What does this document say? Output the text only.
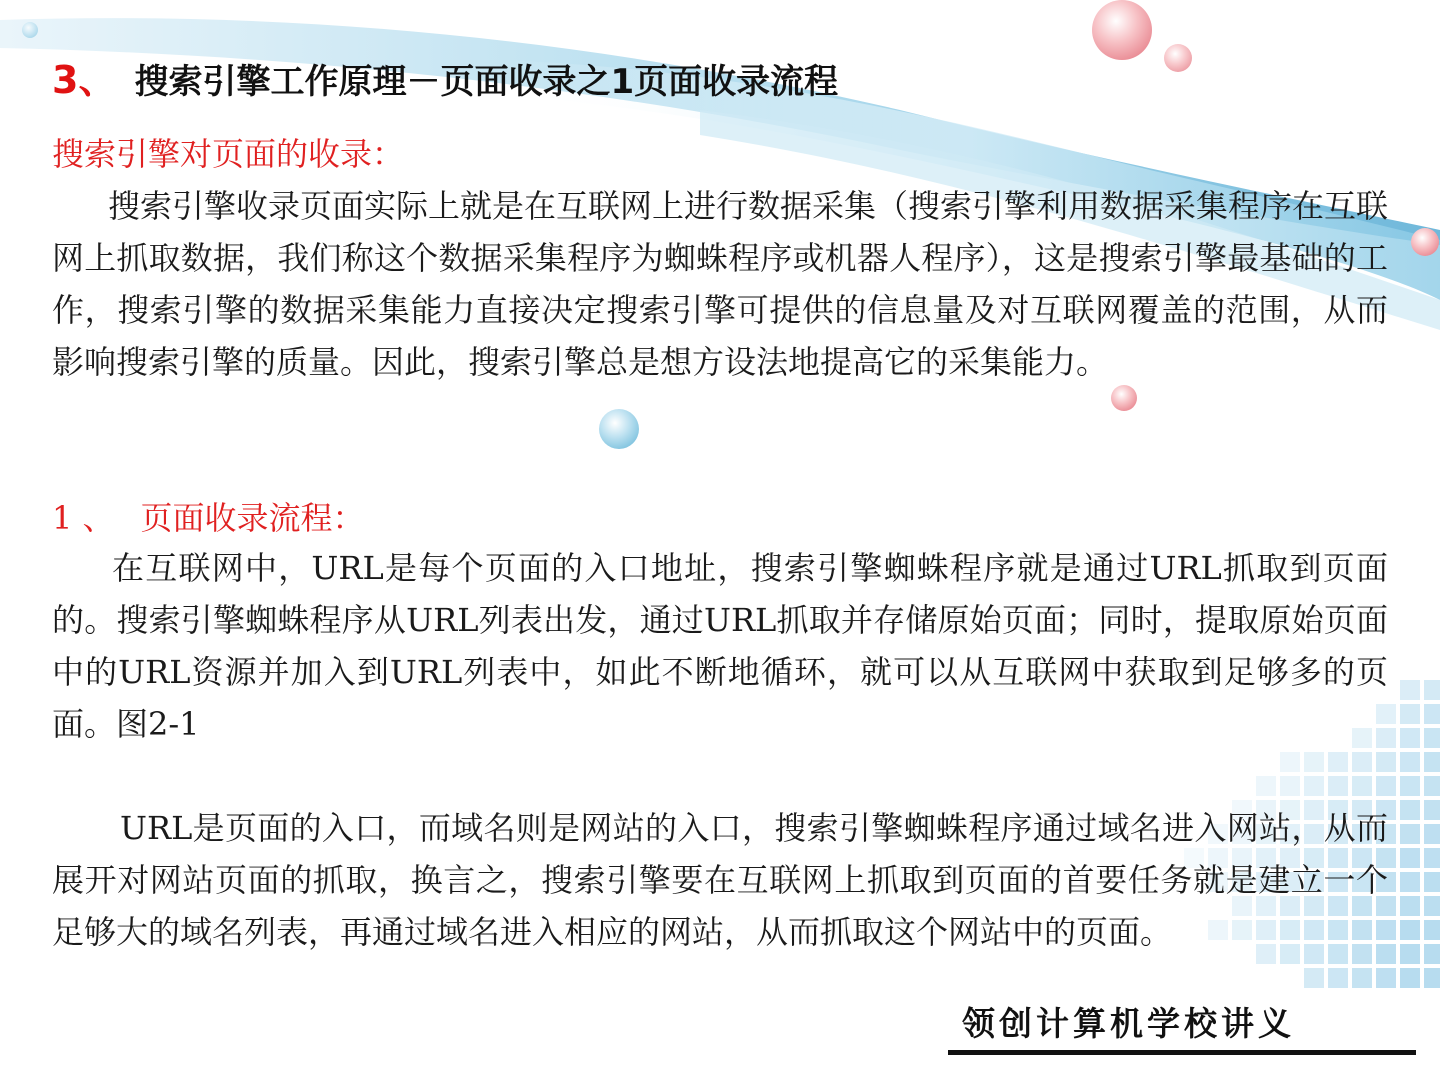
3、 搜索引擎工作原理－页面收录之1页面收录流程
搜索引擎对页面的收录：
搜索引擎收录页面实际上就是在互联网上进行数据采集（搜索引擎利用数据采集程序在互联网上抓取数据，我们称这个数据采集程序为蜘蛛程序或机器人程序），这是搜索引擎最基础的工作，搜索引擎的数据采集能力直接决定搜索引擎可提供的信息量及对互联网覆盖的范围，从而影响搜索引擎的质量。因此，搜索引擎总是想方设法地提高它的采集能力。
1 、 页面收录流程：
在互联网中，URL是每个页面的入口地址，搜索引擎蜘蛛程序就是通过URL抓取到页面的。搜索引擎蜘蛛程序从URL列表出发，通过URL抓取并存储原始页面；同时，提取原始页面中的URL资源并加入到URL列表中，如此不断地循环，就可以从互联网中获取到足够多的页面。图2-1
URL是页面的入口，而域名则是网站的入口，搜索引擎蜘蛛程序通过域名进入网站，从而展开对网站页面的抓取，换言之，搜索引擎要在互联网上抓取到页面的首要任务就是建立一个足够大的域名列表，再通过域名进入相应的网站，从而抓取这个网站中的页面。
领创计算机学校讲义
